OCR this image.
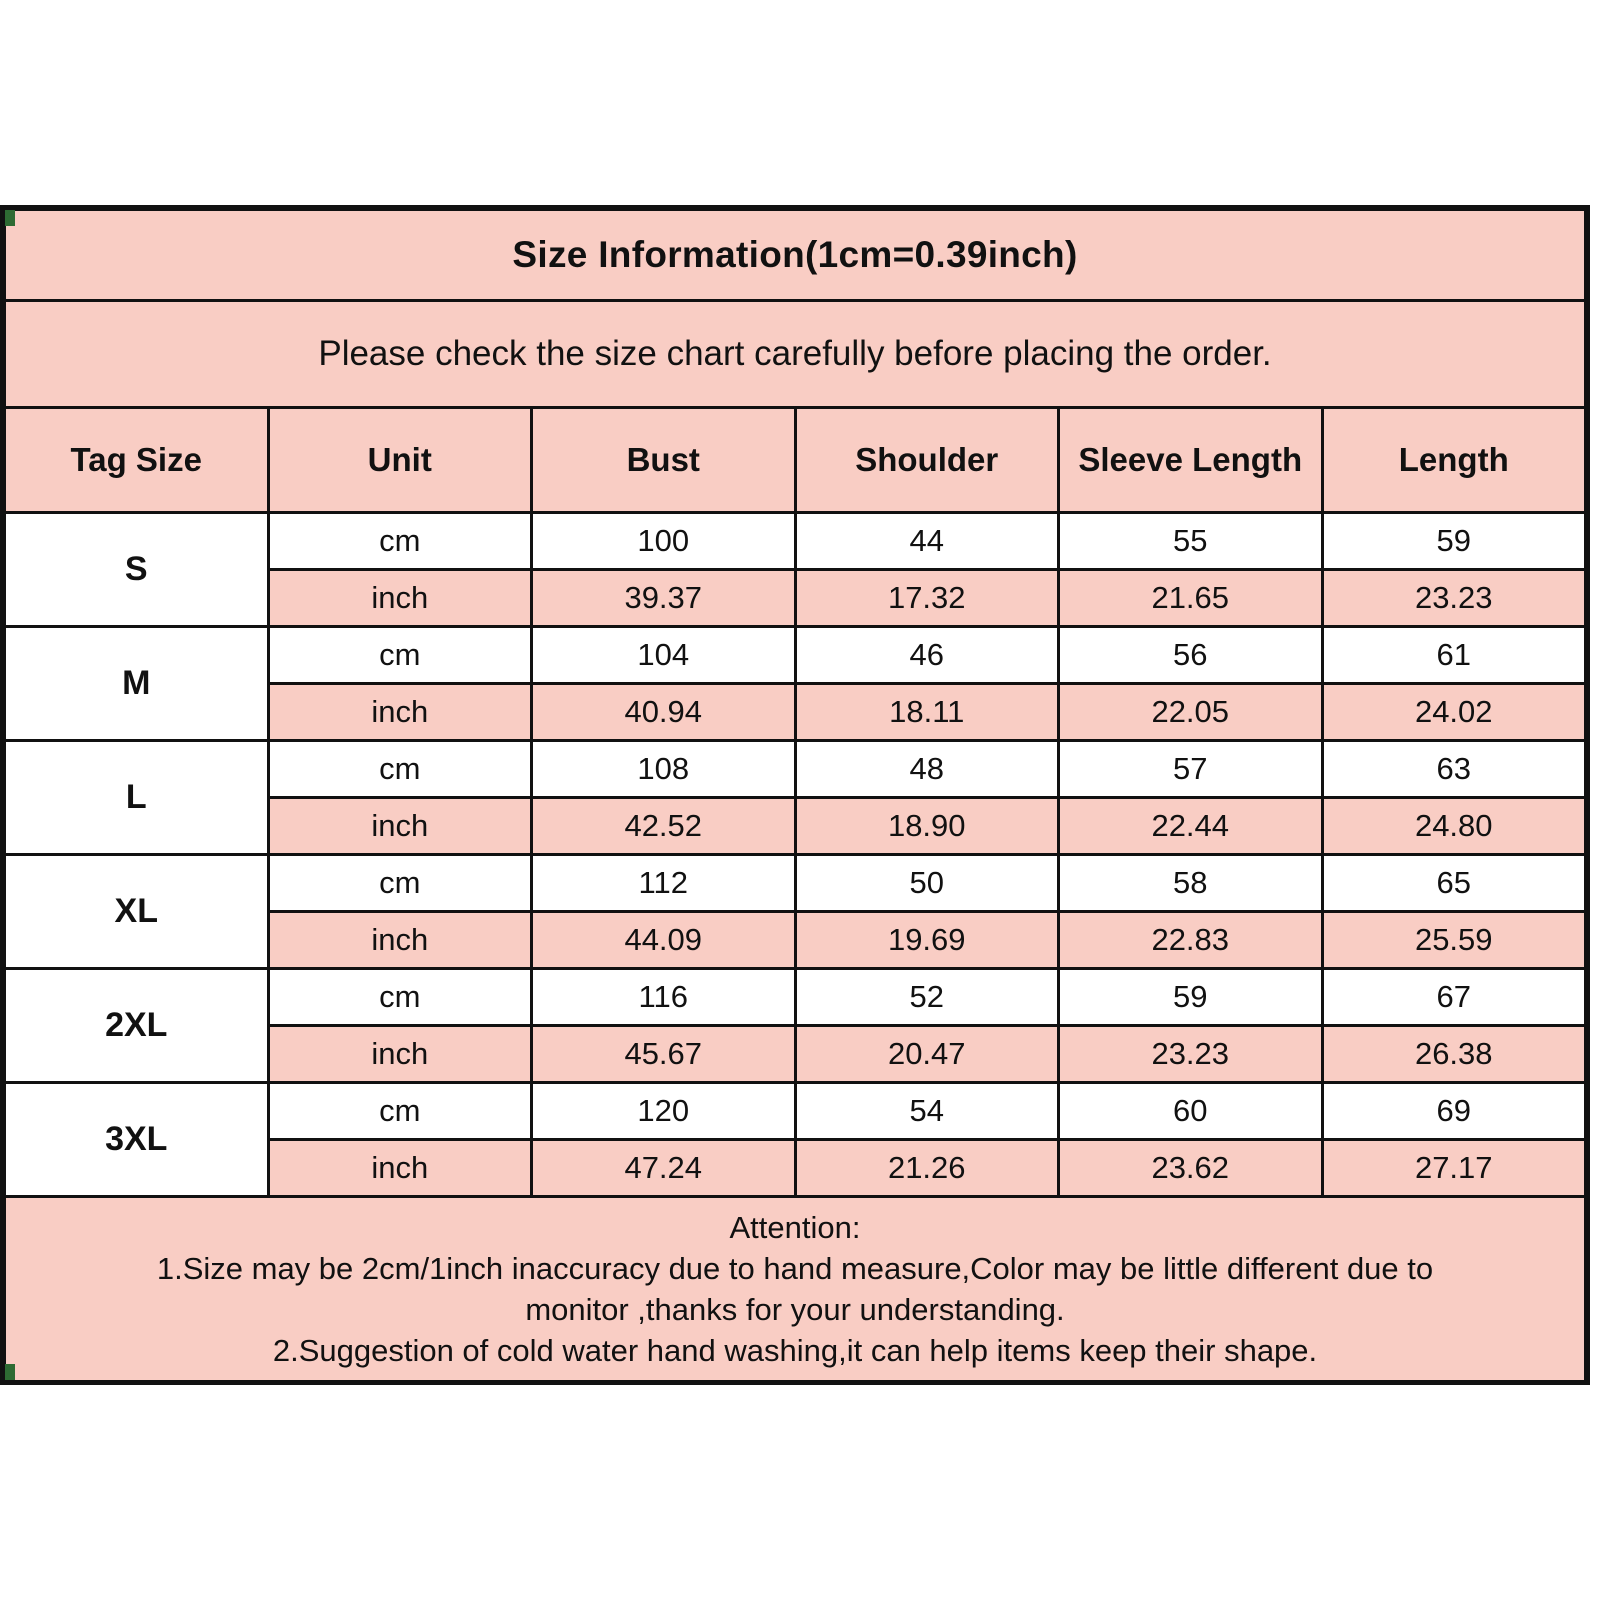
Size Information(1cm=0.39inch)					
Please check the size chart carefully before placing the order.					
Tag Size	Unit	Bust	Shoulder	Sleeve Length	Length
S	cm	100	44	55	59
	inch	39.37	17.32	21.65	23.23
M	cm	104	46	56	61
	inch	40.94	18.11	22.05	24.02
L	cm	108	48	57	63
	inch	42.52	18.90	22.44	24.80
XL	cm	112	50	58	65
	inch	44.09	19.69	22.83	25.59
2XL	cm	116	52	59	67
	inch	45.67	20.47	23.23	26.38
3XL	cm	120	54	60	69
	inch	47.24	21.26	23.62	27.17

Attention:
1.Size may be 2cm/1inch inaccuracy due to hand measure,Color may be little different due to
monitor ,thanks for your understanding.
2.Suggestion of cold water hand washing,it can help items keep their shape.					
